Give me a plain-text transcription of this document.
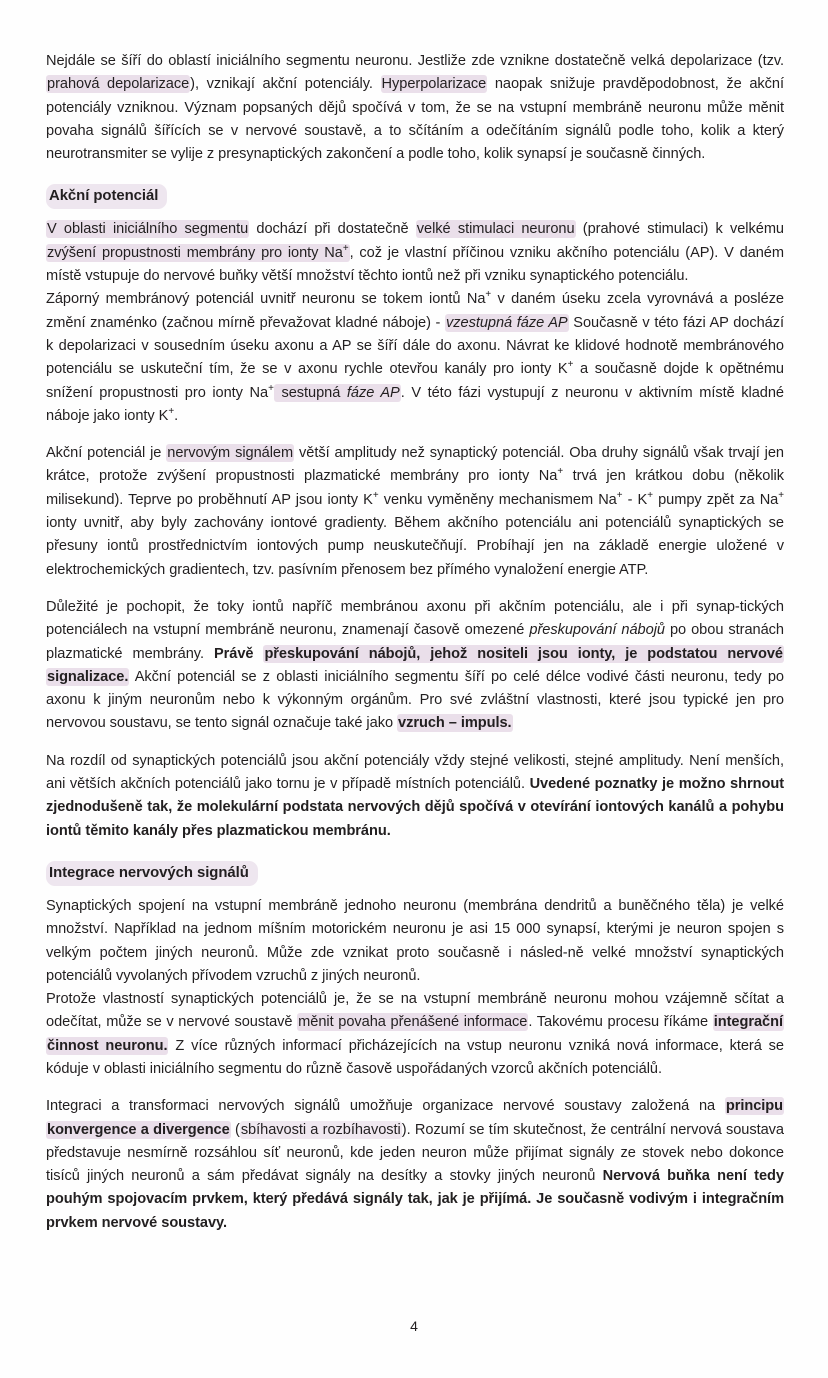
Nejdále se šíří do oblastí iniciálního segmentu neuronu. Jestliže zde vznikne dostatečně velká depolarizace (tzv. prahová depolarizace), vznikají akční potenciály. Hyperpolarizace naopak snižuje pravděpodobnost, že akční potenciály vzniknou. Význam popsaných dějů spočívá v tom, že se na vstupní membráně neuronu může měnit povaha signálů šířících se v nervové soustavě, a to sčítáním a odečítáním signálů podle toho, kolik a který neurotransmiter se vylije z presynaptických zakončení a podle toho, kolik synapsí je současně činných.

Akční potenciál

V oblasti iniciálního segmentu dochází při dostatečně velké stimulaci neuronu (prahové stimulaci) k velkému zvýšení propustnosti membrány pro ionty Na+, což je vlastní příčinou vzniku akčního potenciálu (AP). V daném místě vstupuje do nervové buňky větší množství těchto iontů než při vzniku synaptického potenciálu.

Záporný membránový potenciál uvnitř neuronu se tokem iontů Na+ v daném úseku zcela vyrovnává a posléze změní znaménko (začnou mírně převažovat kladné náboje) - vzestupná fáze AP Současně v této fázi AP dochází k depolarizaci v sousedním úseku axonu a AP se šíří dále do axonu. Návrat ke klidové hodnotě membránového potenciálu se uskuteční tím, že se v axonu rychle otevřou kanály pro ionty K+ a současně dojde k opětnému snížení propustnosti pro ionty Na+ sestupná fáze AP. V této fázi vystupují z neuronu v aktivním místě kladné náboje jako ionty K+.

Akční potenciál je nervovým signálem větší amplitudy než synaptický potenciál. Oba druhy signálů však trvají jen krátce, protože zvýšení propustnosti plazmatické membrány pro ionty Na+ trvá jen krátkou dobu (několik milisekund). Teprve po proběhnutí AP jsou ionty K+ venku vyměněny mechanismem Na+ - K+ pumpy zpět za Na+ ionty uvnitř, aby byly zachovány iontové gradienty. Během akčního potenciálu ani potenciálů synaptických se přesuny iontů prostřednictvím iontových pump neuskutečňují. Probíhají jen na základě energie uložené v elektrochemických gradientech, tzv. pasívním přenosem bez přímého vynaložení energie ATP.

Důležité je pochopit, že toky iontů napříč membránou axonu při akčním potenciálu, ale i při synap-tických potenciálech na vstupní membráně neuronu, znamenají časově omezené přeskupování nábojů po obou stranách plazmatické membrány. Právě přeskupování nábojů, jehož nositeli jsou ionty, je podstatou nervové signalizace. Akční potenciál se z oblasti iniciálního segmentu šíří po celé délce vodivé části neuronu, tedy po axonu k jiným neuronům nebo k výkonným orgánům. Pro své zvláštní vlastnosti, které jsou typické jen pro nervovou soustavu, se tento signál označuje také jako vzruch – impuls.

Na rozdíl od synaptických potenciálů jsou akční potenciály vždy stejné velikosti, stejné amplitudy. Není menších, ani větších akčních potenciálů jako tornu je v případě místních potenciálů. Uvedené poznatky je možno shrnout zjednodušeně tak, že molekulární podstata nervových dějů spočívá v otevírání iontových kanálů a pohybu iontů těmito kanály přes plazmatickou membránu.

Integrace nervových signálů

Synaptických spojení na vstupní membráně jednoho neuronu (membrána dendritů a buněčného těla) je velké množství. Například na jednom míšním motorickém neuronu je asi 15 000 synapsí, kterými je neuron spojen s velkým počtem jiných neuronů. Může zde vznikat proto současně i násled-ně velké množství synaptických potenciálů vyvolaných přívodem vzruchů z jiných neuronů.

Protože vlastností synaptických potenciálů je, že se na vstupní membráně neuronu mohou vzájemně sčítat a odečítat, může se v nervové soustavě měnit povaha přenášené informace. Takovému procesu říkáme integrační činnost neuronu. Z více různých informací přicházejících na vstup neuronu vzniká nová informace, která se kóduje v oblasti iniciálního segmentu do různě časově uspořádaných vzorců akčních potenciálů.

Integraci a transformaci nervových signálů umožňuje organizace nervové soustavy založená na principu konvergence a divergence (sbíhavosti a rozbíhavosti). Rozumí se tím skutečnost, že centrální nervová soustava představuje nesmírně rozsáhlou síť neuronů, kde jeden neuron může přijímat signály ze stovek nebo dokonce tisíců jiných neuronů a sám předávat signály na desítky a stovky jiných neuronů Nervová buňka není tedy pouhým spojovacím prvkem, který předává signály tak, jak je přijímá. Je současně vodivým i integračním prvkem nervové soustavy.

4
